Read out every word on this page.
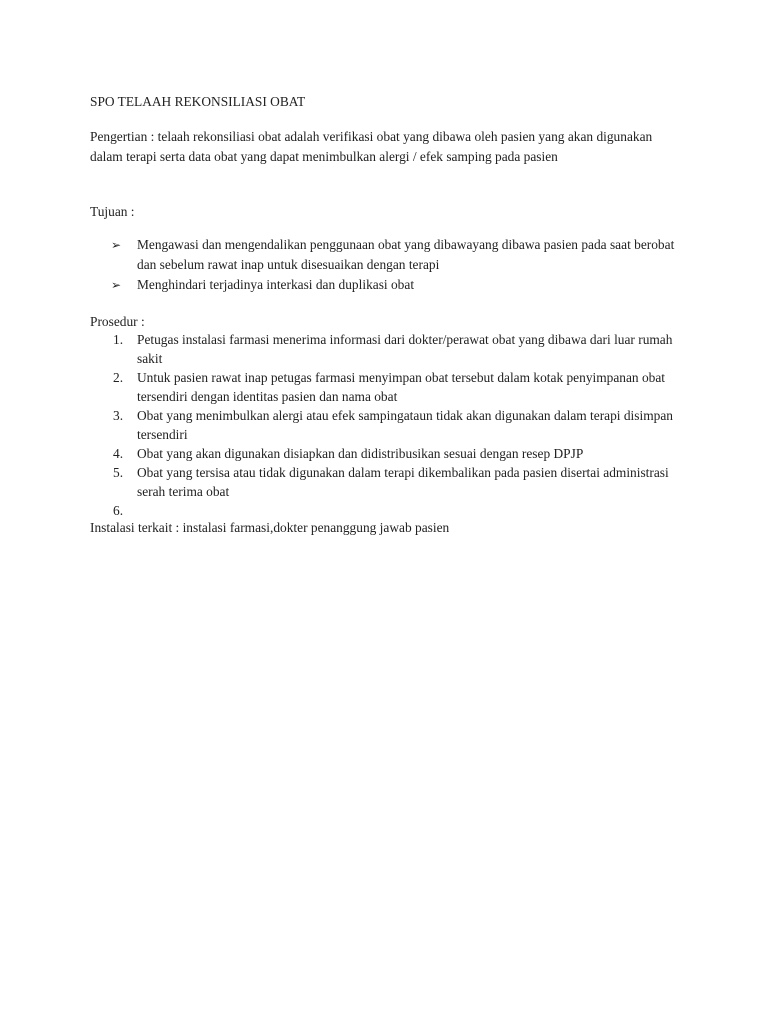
SPO TELAAH REKONSILIASI OBAT
Pengertian : telaah rekonsiliasi obat adalah verifikasi obat yang dibawa oleh pasien yang akan digunakan dalam terapi serta data obat yang dapat menimbulkan alergi / efek samping pada pasien
Tujuan :
➢ Mengawasi dan mengendalikan penggunaan obat yang dibawayang dibawa pasien pada saat berobat dan sebelum rawat inap untuk disesuaikan dengan terapi
➢ Menghindari terjadinya interkasi dan duplikasi obat
Prosedur :
1. Petugas instalasi farmasi menerima informasi dari dokter/perawat obat yang dibawa dari luar rumah sakit
2. Untuk pasien rawat inap petugas farmasi menyimpan obat tersebut dalam kotak penyimpanan obat tersendiri dengan identitas pasien dan nama obat
3. Obat yang menimbulkan alergi atau efek sampingataun tidak akan digunakan dalam terapi disimpan tersendiri
4. Obat yang akan digunakan disiapkan dan didistribusikan sesuai dengan resep DPJP
5. Obat yang tersisa atau tidak digunakan dalam terapi dikembalikan pada pasien disertai administrasi serah terima obat
6.

Instalasi terkait : instalasi farmasi,dokter penanggung jawab pasien
